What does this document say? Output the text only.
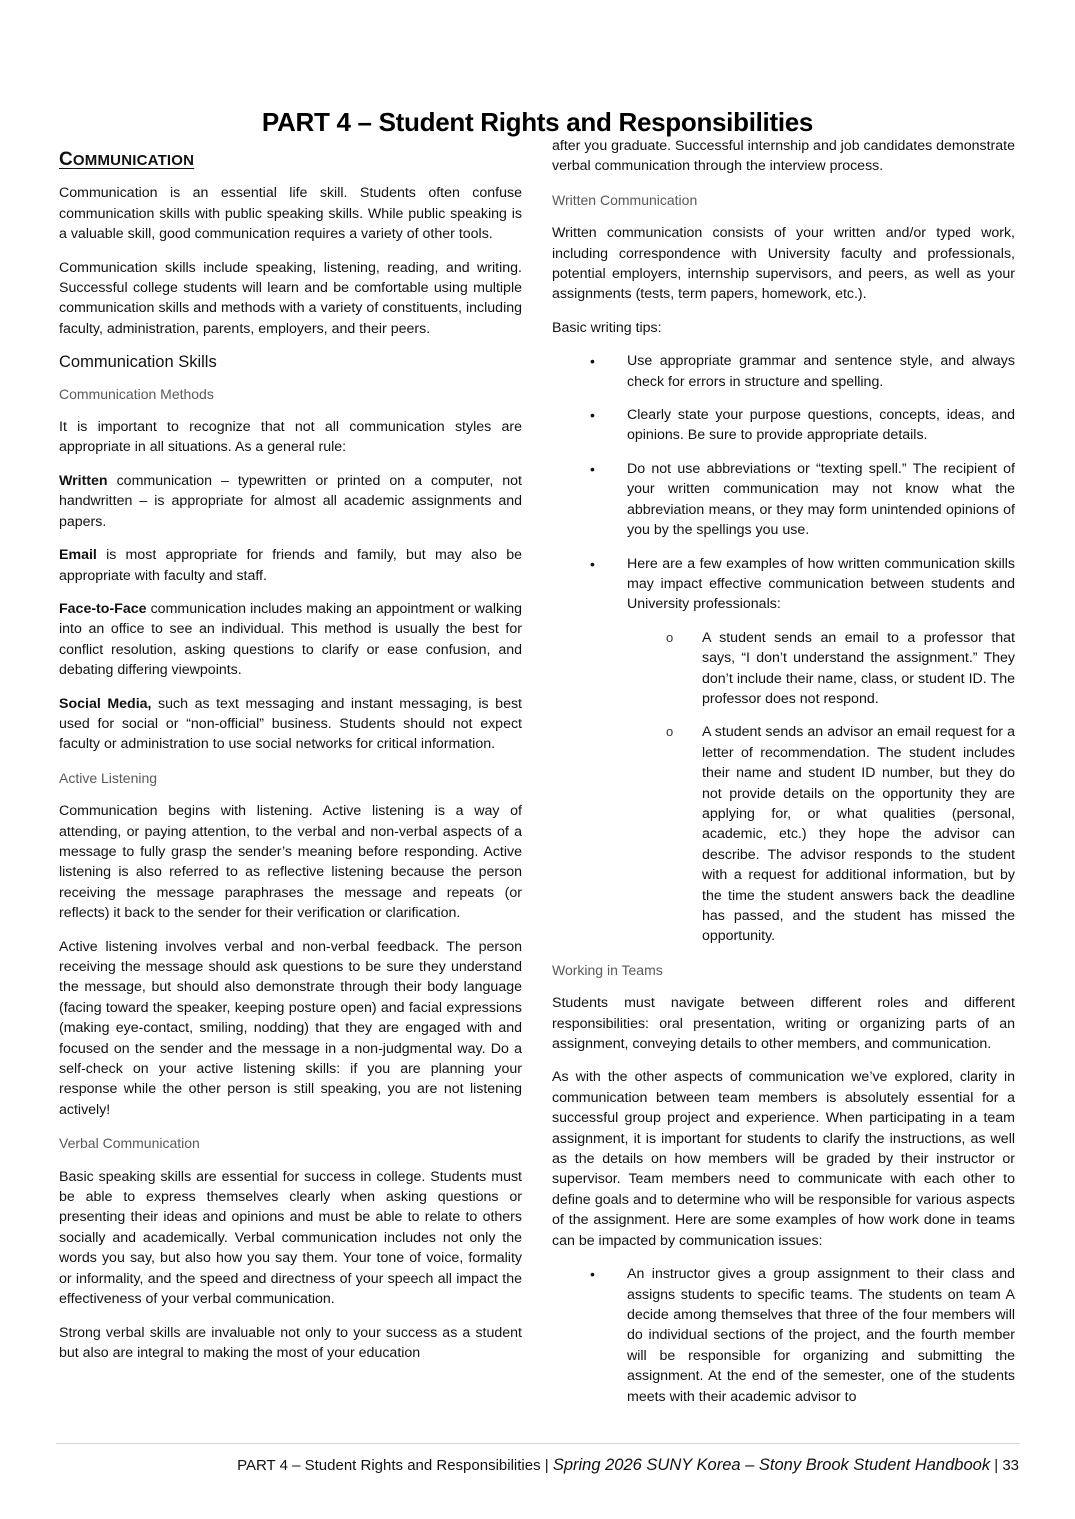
PART 4 – Student Rights and Responsibilities
COMMUNICATION

Communication is an essential life skill. Students often confuse communication skills with public speaking skills. While public speaking is a valuable skill, good communication requires a variety of other tools.

Communication skills include speaking, listening, reading, and writing. Successful college students will learn and be comfortable using multiple communication skills and methods with a variety of constituents, including faculty, administration, parents, employers, and their peers.

Communication Skills
Communication Methods

It is important to recognize that not all communication styles are appropriate in all situations. As a general rule:

Written communication – typewritten or printed on a computer, not handwritten – is appropriate for almost all academic assignments and papers.

Email is most appropriate for friends and family, but may also be appropriate with faculty and staff.

Face-to-Face communication includes making an appointment or walking into an office to see an individual. This method is usually the best for conflict resolution, asking questions to clarify or ease confusion, and debating differing viewpoints.

Social Media, such as text messaging and instant messaging, is best used for social or “non-official” business. Students should not expect faculty or administration to use social networks for critical information.

Active Listening

Communication begins with listening. Active listening is a way of attending, or paying attention, to the verbal and non-verbal aspects of a message to fully grasp the sender’s meaning before responding. Active listening is also referred to as reflective listening because the person receiving the message paraphrases the message and repeats (or reflects) it back to the sender for their verification or clarification.

Active listening involves verbal and non-verbal feedback. The person receiving the message should ask questions to be sure they understand the message, but should also demonstrate through their body language (facing toward the speaker, keeping posture open) and facial expressions (making eye-contact, smiling, nodding) that they are engaged with and focused on the sender and the message in a non-judgmental way. Do a self-check on your active listening skills: if you are planning your response while the other person is still speaking, you are not listening actively!

Verbal Communication

Basic speaking skills are essential for success in college. Students must be able to express themselves clearly when asking questions or presenting their ideas and opinions and must be able to relate to others socially and academically. Verbal communication includes not only the words you say, but also how you say them. Your tone of voice, formality or informality, and the speed and directness of your speech all impact the effectiveness of your verbal communication.

Strong verbal skills are invaluable not only to your success as a student but also are integral to making the most of your education

after you graduate. Successful internship and job candidates demonstrate verbal communication through the interview process.

Written Communication

Written communication consists of your written and/or typed work, including correspondence with University faculty and professionals, potential employers, internship supervisors, and peers, as well as your assignments (tests, term papers, homework, etc.).

Basic writing tips:

• Use appropriate grammar and sentence style, and always check for errors in structure and spelling.
• Clearly state your purpose questions, concepts, ideas, and opinions. Be sure to provide appropriate details.
• Do not use abbreviations or “texting spell.” The recipient of your written communication may not know what the abbreviation means, or they may form unintended opinions of you by the spellings you use.
• Here are a few examples of how written communication skills may impact effective communication between students and University professionals:
o A student sends an email to a professor that says, “I don’t understand the assignment.” They don’t include their name, class, or student ID. The professor does not respond.
o A student sends an advisor an email request for a letter of recommendation. The student includes their name and student ID number, but they do not provide details on the opportunity they are applying for, or what qualities (personal, academic, etc.) they hope the advisor can describe. The advisor responds to the student with a request for additional information, but by the time the student answers back the deadline has passed, and the student has missed the opportunity.
Working in Teams

Students must navigate between different roles and different responsibilities: oral presentation, writing or organizing parts of an assignment, conveying details to other members, and communication.

As with the other aspects of communication we’ve explored, clarity in communication between team members is absolutely essential for a successful group project and experience. When participating in a team assignment, it is important for students to clarify the instructions, as well as the details on how members will be graded by their instructor or supervisor. Team members need to communicate with each other to define goals and to determine who will be responsible for various aspects of the assignment. Here are some examples of how work done in teams can be impacted by communication issues:

• An instructor gives a group assignment to their class and assigns students to specific teams. The students on team A decide among themselves that three of the four members will do individual sections of the project, and the fourth member will be responsible for organizing and submitting the assignment. At the end of the semester, one of the students meets with their academic advisor to
PART 4 – Student Rights and Responsibilities | Spring 2026 SUNY Korea – Stony Brook Student Handbook | 33
